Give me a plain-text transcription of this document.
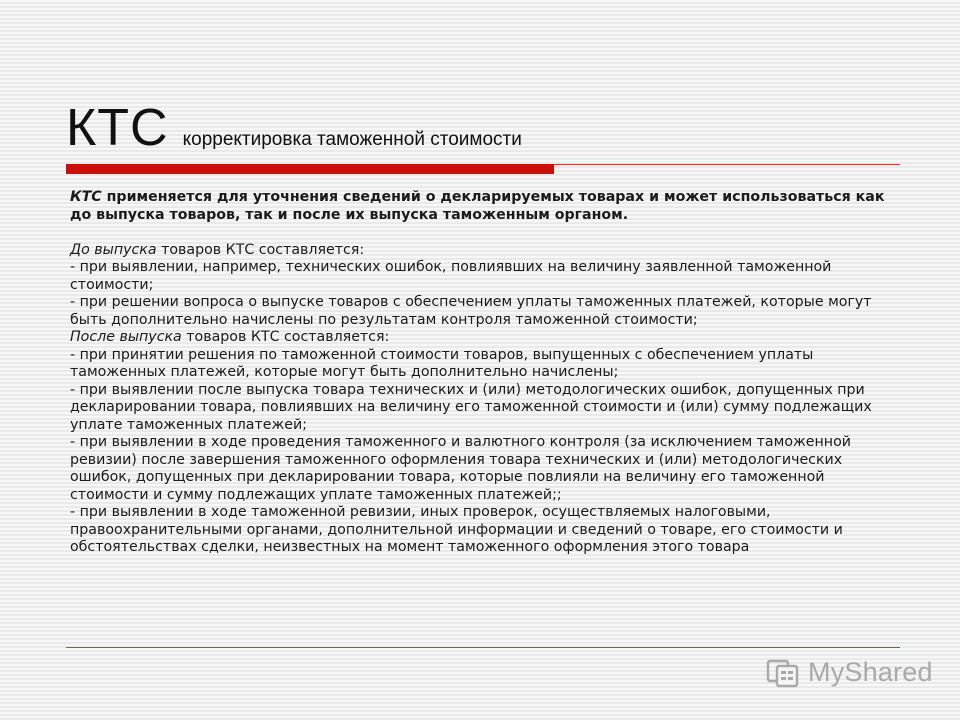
КТС корректировка таможенной стоимости

КТС применяется для уточнения сведений о декларируемых товарах и может использоваться как до выпуска товаров, так и после их выпуска таможенным органом.

До выпуска товаров КТС составляется:

- при выявлении, например, технических ошибок, повлиявших на величину заявленной таможенной стоимости;

- при решении вопроса о выпуске товаров с обеспечением уплаты таможенных платежей, которые могут быть дополнительно начислены по результатам контроля таможенной стоимости;

После выпуска товаров КТС составляется:

- при принятии решения по таможенной стоимости товаров, выпущенных с обеспечением уплаты таможенных платежей, которые могут быть дополнительно начислены;

- при выявлении после выпуска товара технических и (или) методологических ошибок, допущенных при декларировании товара, повлиявших на величину его таможенной стоимости и (или) сумму подлежащих уплате таможенных платежей;

- при выявлении в ходе проведения таможенного и валютного контроля (за исключением таможенной ревизии) после завершения таможенного оформления товара технических и (или) методологических ошибок, допущенных при декларировании товара, которые повлияли на величину его таможенной стоимости и сумму подлежащих уплате таможенных платежей;;

- при выявлении в ходе таможенной ревизии, иных проверок, осуществляемых налоговыми, правоохранительными органами, дополнительной информации и сведений о товаре, его стоимости и обстоятельствах сделки, неизвестных на момент таможенного оформления этого товара

MyShared
